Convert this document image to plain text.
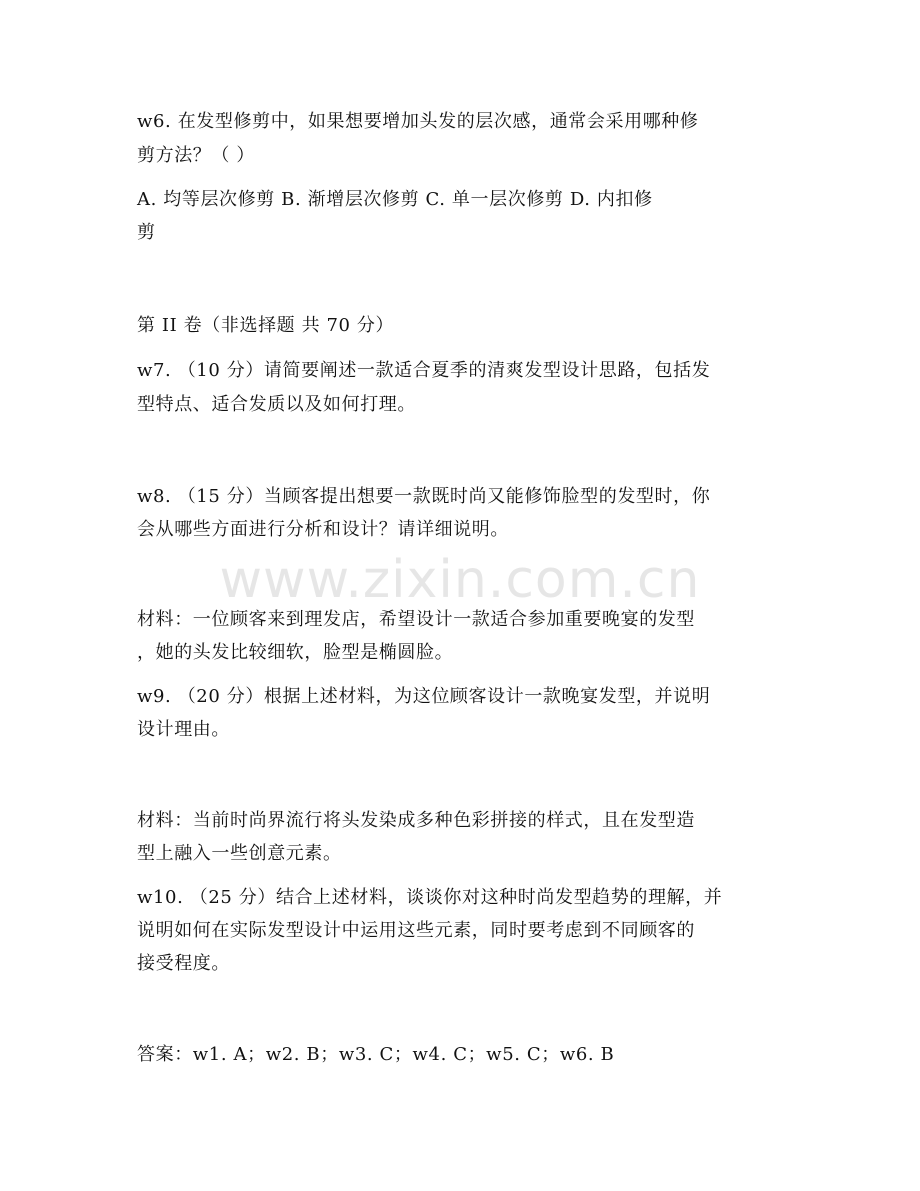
www.zixin.com.cn
w6. 在发型修剪中，如果想要增加头发的层次感，通常会采用哪种修
剪方法？（ ）
A. 均等层次修剪 B. 渐增层次修剪 C. 单一层次修剪 D. 内扣修
剪
第 II 卷（非选择题 共 70 分）
w7. （10 分）请简要阐述一款适合夏季的清爽发型设计思路，包括发
型特点、适合发质以及如何打理。
w8. （15 分）当顾客提出想要一款既时尚又能修饰脸型的发型时，你
会从哪些方面进行分析和设计？请详细说明。
材料：一位顾客来到理发店，希望设计一款适合参加重要晚宴的发型
，她的头发比较细软，脸型是椭圆脸。
w9. （20 分）根据上述材料，为这位顾客设计一款晚宴发型，并说明
设计理由。
材料：当前时尚界流行将头发染成多种色彩拼接的样式，且在发型造
型上融入一些创意元素。
w10. （25 分）结合上述材料，谈谈你对这种时尚发型趋势的理解，并
说明如何在实际发型设计中运用这些元素，同时要考虑到不同顾客的
接受程度。
答案：w1. A；w2. B；w3. C；w4. C；w5. C；w6. B
